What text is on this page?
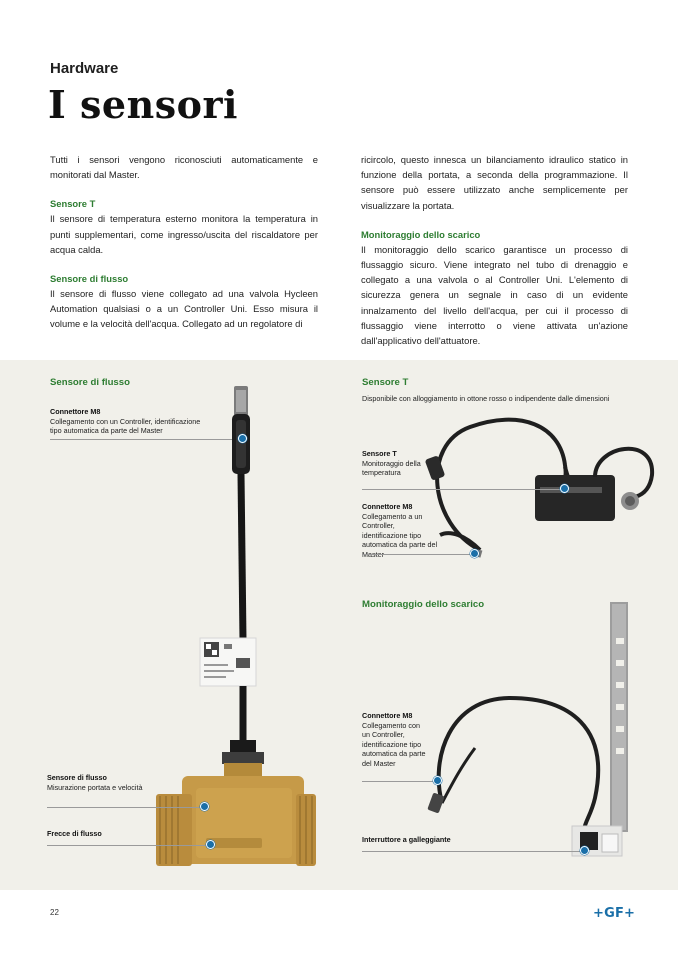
Hardware
I sensori

Tutti i sensori vengono riconosciuti automaticamente e monitorati dal Master.

Sensore T

Il sensore di temperatura esterno monitora la temperatura in punti supplementari, come ingresso/uscita del riscaldatore per acqua calda.

Sensore di flusso

Il sensore di flusso viene collegato ad una valvola Hycleen Automation qualsiasi o a un Controller Uni. Esso misura il volume e la velocità dell'acqua. Collegato ad un regolatore di

ricircolo, questo innesca un bilanciamento idraulico statico in funzione della portata, a seconda della programmazione. Il sensore può essere utilizzato anche semplicemente per visualizzare la portata.

Monitoraggio dello scarico

Il monitoraggio dello scarico garantisce un processo di flussaggio sicuro. Viene integrato nel tubo di drenaggio e collegato a una valvola o al Controller Uni. L'elemento di sicurezza genera un segnale in caso di un evidente innalzamento del livello dell'acqua, per cui il processo di flussaggio viene interrotto o viene attivata un'azione dall'applicativo dell'attuatore.

Sensore di flusso
Connettore M8
Collegamento con un Controller, identificazione tipo automatica da parte del Master
Sensore di flusso
Misurazione portata e velocità
Frecce di flusso
Sensore T
Disponibile con alloggiamento in ottone rosso o indipendente dalle dimensioni
Sensore T
Monitoraggio della temperatura
Connettore M8
Collegamento a un Controller, identificazione tipo automatica da parte del Master
Monitoraggio dello scarico
Connettore M8
Collegamento con un Controller, identificazione tipo automatica da parte del Master
Interruttore a galleggiante
22	+GF+
